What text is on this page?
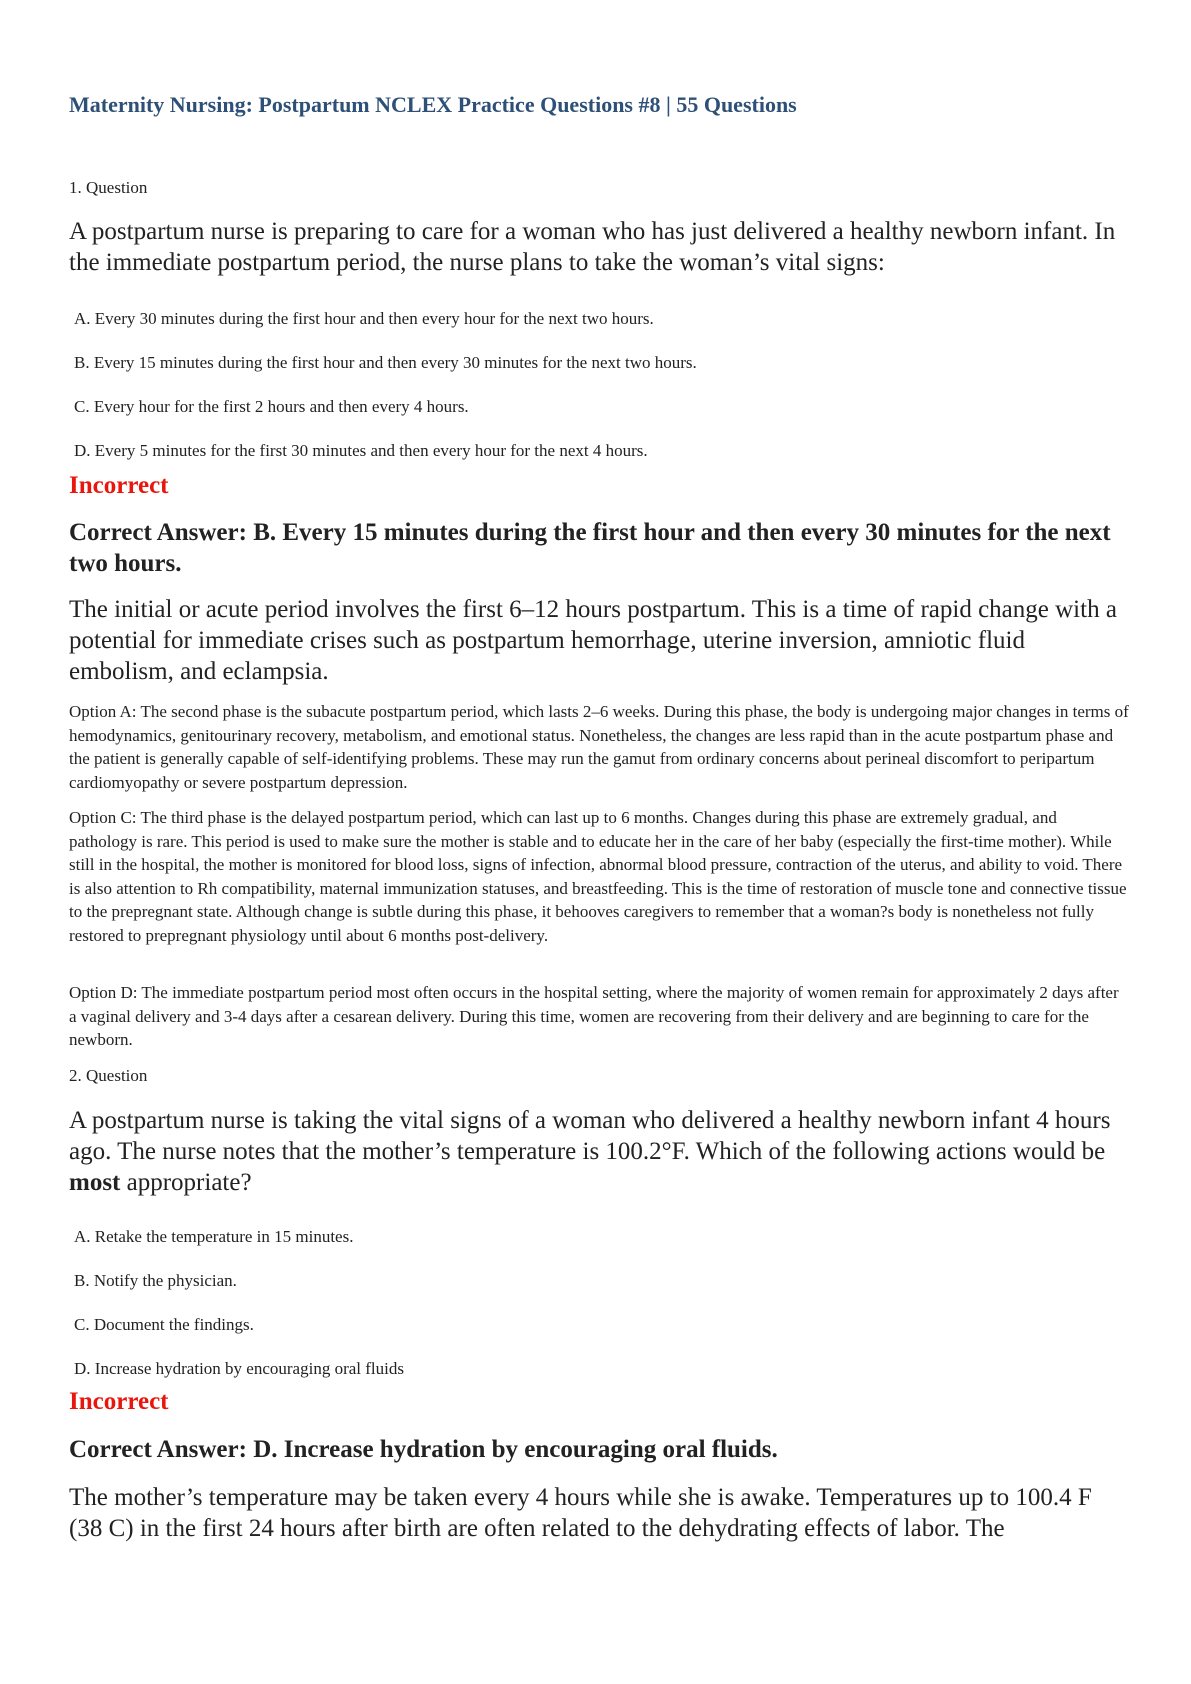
Maternity Nursing: Postpartum NCLEX Practice Questions #8 | 55 Questions

1. Question

A postpartum nurse is preparing to care for a woman who has just delivered a healthy newborn infant. In the immediate postpartum period, the nurse plans to take the woman’s vital signs:

A. Every 30 minutes during the first hour and then every hour for the next two hours.
B. Every 15 minutes during the first hour and then every 30 minutes for the next two hours.
C. Every hour for the first 2 hours and then every 4 hours.
D. Every 5 minutes for the first 30 minutes and then every hour for the next 4 hours.

Incorrect

Correct Answer: B. Every 15 minutes during the first hour and then every 30 minutes for the next two hours.

The initial or acute period involves the first 6–12 hours postpartum. This is a time of rapid change with a potential for immediate crises such as postpartum hemorrhage, uterine inversion, amniotic fluid embolism, and eclampsia.

Option A: The second phase is the subacute postpartum period, which lasts 2–6 weeks. During this phase, the body is undergoing major changes in terms of hemodynamics, genitourinary recovery, metabolism, and emotional status. Nonetheless, the changes are less rapid than in the acute postpartum phase and the patient is generally capable of self-identifying problems. These may run the gamut from ordinary concerns about perineal discomfort to peripartum cardiomyopathy or severe postpartum depression.

Option C: The third phase is the delayed postpartum period, which can last up to 6 months. Changes during this phase are extremely gradual, and pathology is rare. This period is used to make sure the mother is stable and to educate her in the care of her baby (especially the first-time mother). While still in the hospital, the mother is monitored for blood loss, signs of infection, abnormal blood pressure, contraction of the uterus, and ability to void. There is also attention to Rh compatibility, maternal immunization statuses, and breastfeeding. This is the time of restoration of muscle tone and connective tissue to the prepregnant state. Although change is subtle during this phase, it behooves caregivers to remember that a woman?s body is nonetheless not fully restored to prepregnant physiology until about 6 months post-delivery.

Option D: The immediate postpartum period most often occurs in the hospital setting, where the majority of women remain for approximately 2 days after a vaginal delivery and 3-4 days after a cesarean delivery. During this time, women are recovering from their delivery and are beginning to care for the newborn.

2. Question

A postpartum nurse is taking the vital signs of a woman who delivered a healthy newborn infant 4 hours ago. The nurse notes that the mother’s temperature is 100.2°F. Which of the following actions would be most appropriate?

A. Retake the temperature in 15 minutes.
B. Notify the physician.
C. Document the findings.
D. Increase hydration by encouraging oral fluids

Incorrect

Correct Answer: D. Increase hydration by encouraging oral fluids.

The mother’s temperature may be taken every 4 hours while she is awake. Temperatures up to 100.4 F (38 C) in the first 24 hours after birth are often related to the dehydrating effects of labor. The
